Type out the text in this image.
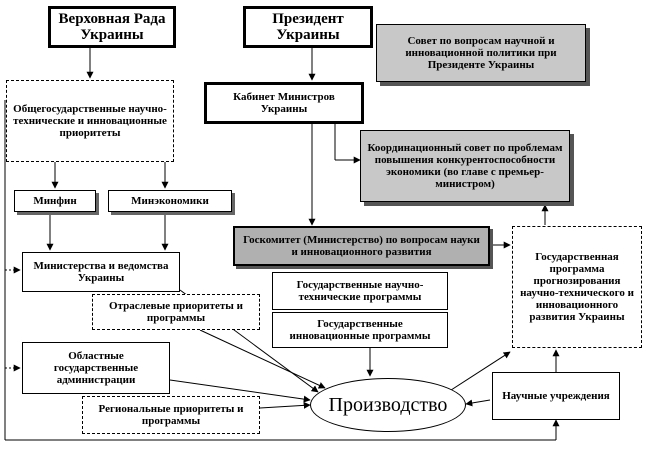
Верховная Рада Украины
Президент Украины	Совет по вопросам научной и инновационной политики при Президенте Украины
Общегосударственные научно-технические и инновационные приоритеты
Кабинет Министров Украины
Координационный совет по проблемам повышения конкурентоспособности экономики (во главе с премьер-министром)
Минфин	Минэкономики
Госкомитет (Министерство) по вопросам науки и инновационного развития	Государственная программа прогнозирования научно-технического и инновационного развития Украины
Министерства и ведомства Украины
Государственные научно-технические программы
Отраслевые приоритеты и программы	Государственные инновационные программы
Областные государственные администрации
Производство	Научные учреждения
Региональные приоритеты и программы
